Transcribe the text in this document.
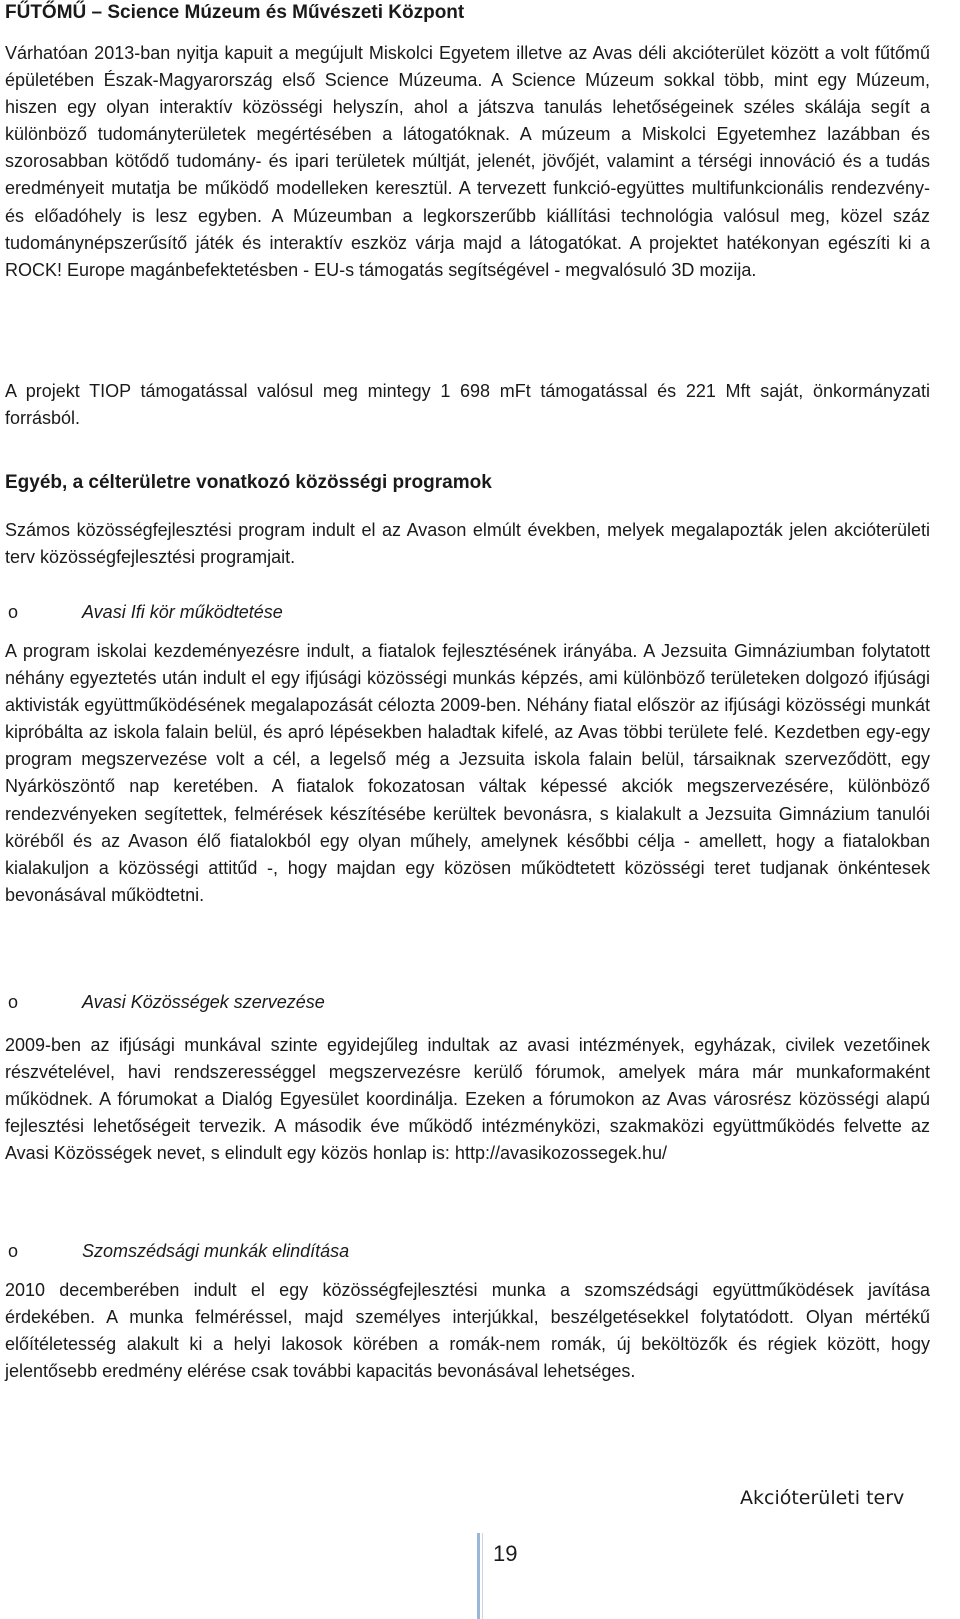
FŰTŐMŰ – Science Múzeum és Művészeti Központ

Várhatóan 2013-ban nyitja kapuit a megújult Miskolci Egyetem illetve az Avas déli akcióterület között a volt fűtőmű épületében Észak-Magyarország első Science Múzeuma. A Science Múzeum sokkal több, mint egy Múzeum, hiszen egy olyan interaktív közösségi helyszín, ahol a játszva tanulás lehetőségeinek széles skálája segít a különböző tudományterületek megértésében a látogatóknak. A múzeum a Miskolci Egyetemhez lazábban és szorosabban kötődő tudomány- és ipari területek múltját, jelenét, jövőjét, valamint a térségi innováció és a tudás eredményeit mutatja be működő modelleken keresztül. A tervezett funkció-együttes multifunkcionális rendezvény- és előadóhely is lesz egyben. A Múzeumban a legkorszerűbb kiállítási technológia valósul meg, közel száz tudománynépszerűsítő játék és interaktív eszköz várja majd a látogatókat. A projektet hatékonyan egészíti ki a ROCK! Europe magánbefektetésben - EU-s támogatás segítségével - megvalósuló 3D mozija.

A projekt TIOP támogatással valósul meg mintegy 1 698 mFt támogatással és 221 Mft saját, önkormányzati forrásból.

Egyéb, a célterületre vonatkozó közösségi programok

Számos közösségfejlesztési program indult el az Avason elmúlt években, melyek megalapozták jelen akcióterületi terv közösségfejlesztési programjait.

o	Avasi Ifi kör működtetése

A program iskolai kezdeményezésre indult, a fiatalok fejlesztésének irányába. A Jezsuita Gimnáziumban folytatott néhány egyeztetés után indult el egy ifjúsági közösségi munkás képzés, ami különböző területeken dolgozó ifjúsági aktivisták együttműködésének megalapozását célozta 2009-ben. Néhány fiatal először az ifjúsági közösségi munkát kipróbálta az iskola falain belül, és apró lépésekben haladtak kifelé, az Avas többi területe felé. Kezdetben egy-egy program megszervezése volt a cél, a legelső még a Jezsuita iskola falain belül, társaiknak szerveződött, egy Nyárköszöntő nap keretében. A fiatalok fokozatosan váltak képessé akciók megszervezésére, különböző rendezvényeken segítettek, felmérések készítésébe kerültek bevonásra, s kialakult a Jezsuita Gimnázium tanulói köréből és az Avason élő fiatalokból egy olyan műhely, amelynek későbbi célja - amellett, hogy a fiatalokban kialakuljon a közösségi attitűd -, hogy majdan egy közösen működtetett közösségi teret tudjanak önkéntesek bevonásával működtetni.

o	Avasi Közösségek szervezése

2009-ben az ifjúsági munkával szinte egyidejűleg indultak az avasi intézmények, egyházak, civilek vezetőinek részvételével, havi rendszerességgel megszervezésre kerülő fórumok, amelyek mára már munkaformaként működnek. A fórumokat a Dialóg Egyesület koordinálja. Ezeken a fórumokon az Avas városrész közösségi alapú fejlesztési lehetőségeit tervezik. A második éve működő intézményközi, szakmaközi együttműködés felvette az Avasi Közösségek nevet, s elindult egy közös honlap is: http://avasikozossegek.hu/

o	Szomszédsági munkák elindítása

2010 decemberében indult el egy közösségfejlesztési munka a szomszédsági együttműködések javítása érdekében. A munka felméréssel, majd személyes interjúkkal, beszélgetésekkel folytatódott. Olyan mértékű előítéletesség alakult ki a helyi lakosok körében a romák-nem romák, új beköltözők és régiek között, hogy jelentősebb eredmény elérése csak további kapacitás bevonásával lehetséges.

Akcióterületi terv
19
